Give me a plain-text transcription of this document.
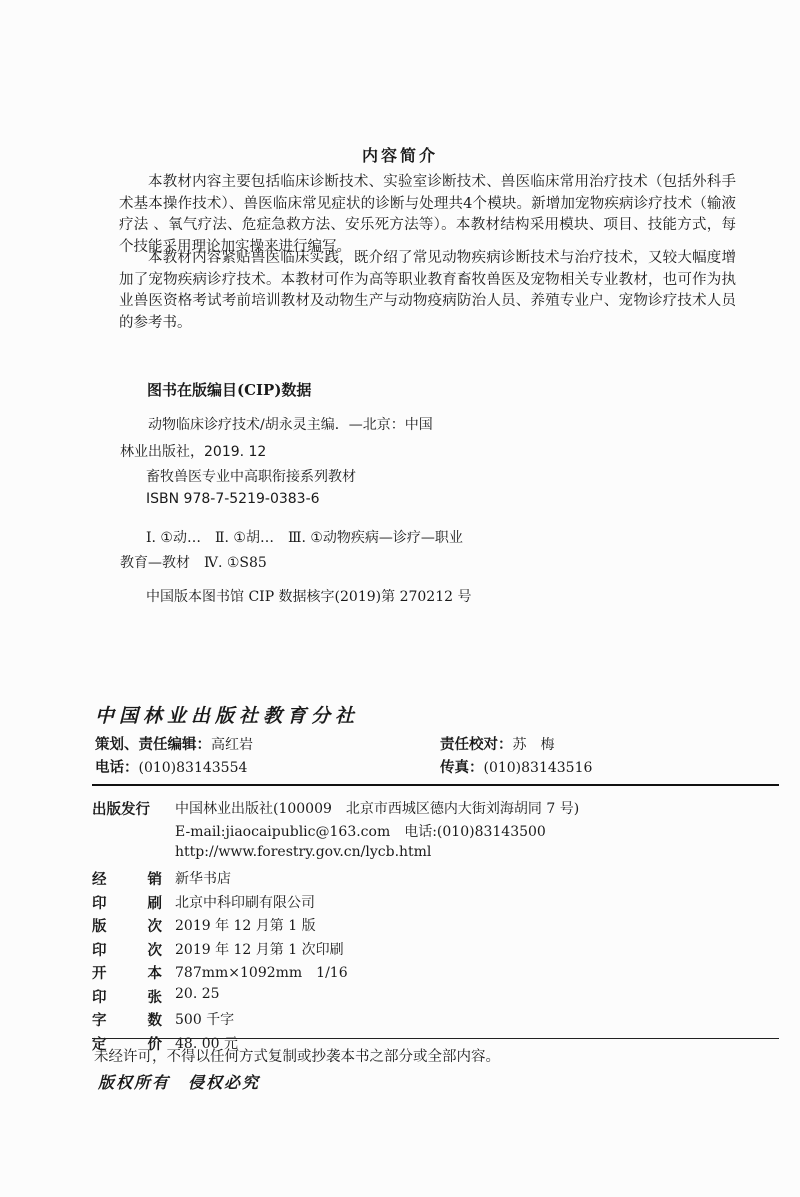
内容简介

本教材内容主要包括临床诊断技术、实验室诊断技术、兽医临床常用治疗技术（包括外科手术基本操作技术）、兽医临床常见症状的诊断与处理共4个模块。新增加宠物疾病诊疗技术（输液疗法 、氧气疗法、危症急救方法、安乐死方法等）。本教材结构采用模块、项目、技能方式，每个技能采用理论加实操来进行编写。

本教材内容紧贴兽医临床实践，既介绍了常见动物疾病诊断技术与治疗技术，又较大幅度增加了宠物疾病诊疗技术。本教材可作为高等职业教育畜牧兽医及宠物相关专业教材，也可作为执业兽医资格考试考前培训教材及动物生产与动物疫病防治人员、养殖专业户、宠物诊疗技术人员的参考书。

图书在版编目(CIP)数据
动物临床诊疗技术/胡永灵主编．—北京：中国
林业出版社，2019. 12
畜牧兽医专业中高职衔接系列教材
ISBN 978-7-5219-0383-6
Ⅰ. ①动…　Ⅱ. ①胡…　Ⅲ. ①动物疾病—诊疗—职业
教育—教材　Ⅳ. ①S85
中国版本图书馆 CIP 数据核字(2019)第 270212 号
中国林业出版社教育分社
策划、责任编辑：高红岩	责任校对：苏　梅
电话：(010)83143554	传真：(010)83143516
出版发行 中国林业出版社(100009　北京市西城区德内大街刘海胡同 7 号)
E-mail:jiaocaipublic@163.com　电话:(010)83143500
http://www.forestry.gov.cn/lycb.html
经	销 新华书店
印	刷 北京中科印刷有限公司
版	次 2019 年 12 月第 1 版
印	次 2019 年 12 月第 1 次印刷
开	本 787mm×1092mm　1/16
印	张 20. 25
字	数 500 千字
定	价 48. 00 元
未经许可，不得以任何方式复制或抄袭本书之部分或全部内容。
版权所有　侵权必究
